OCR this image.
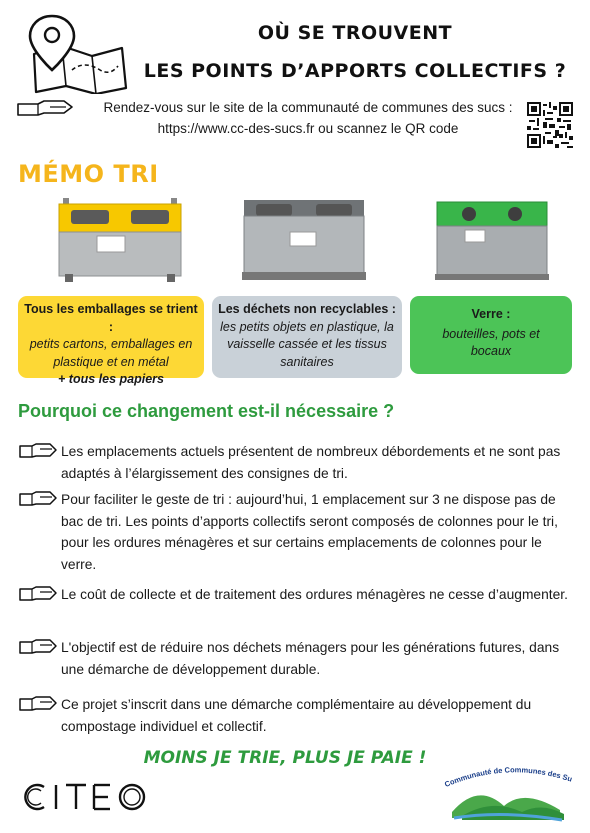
OÙ SE TROUVENT
LES POINTS D’APPORTS COLLECTIFS ?
Rendez-vous sur le site de la communauté de communes des sucs :
https://www.cc-des-sucs.fr ou scannez le QR code
MÉMO TRI
Tous les emballages se trient :
petits cartons, emballages en plastique et en métal
+ tous les papiers
Les déchets non recyclables :
les petits objets en plastique, la vaisselle cassée et les tissus sanitaires
Verre :
bouteilles, pots et bocaux
Pourquoi ce changement est-il nécessaire ?
Les emplacements actuels présentent de nombreux débordements et ne sont pas adaptés à l’élargissement des consignes de tri.
Pour faciliter le geste de tri : aujourd’hui, 1 emplacement sur 3 ne dispose pas de bac de tri. Les points d’apports collectifs seront composés de colonnes pour le tri, pour les ordures ménagères et sur certains emplacements de colonnes pour le verre.
Le coût de collecte et de traitement des ordures ménagères ne cesse d’augmenter.
L'objectif est de réduire nos déchets ménagers pour les générations futures, dans une démarche de développement durable.
Ce projet s’inscrit dans une démarche complémentaire au développement du compostage individuel et collectif.
MOINS JE TRIE, PLUS JE PAIE !
Communauté de Communes des Su
